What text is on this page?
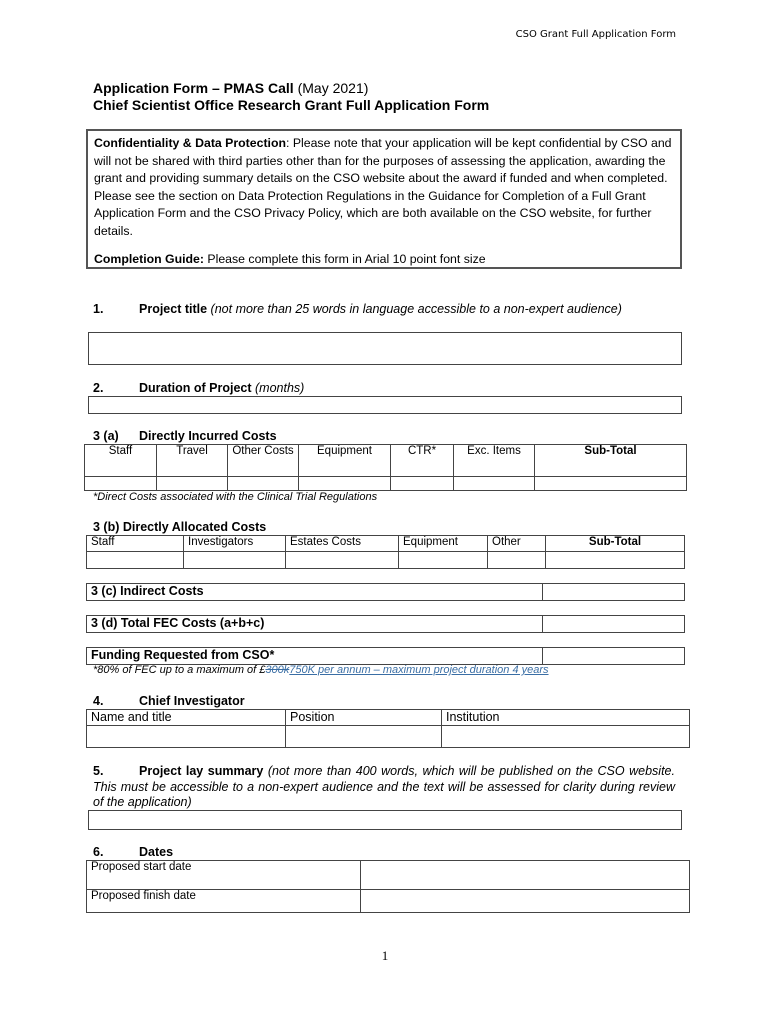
CSO Grant Full Application Form
Application Form – PMAS Call (May 2021)
Chief Scientist Office Research Grant Full Application Form

Confidentiality & Data Protection: Please note that your application will be kept confidential by CSO and will not be shared with third parties other than for the purposes of assessing the application, awarding the grant and providing summary details on the CSO website about the award if funded and when completed. Please see the section on Data Protection Regulations in the Guidance for Completion of a Full Grant Application Form and the CSO Privacy Policy, which are both available on the CSO website, for further details.

Completion Guide: Please complete this form in Arial 10 point font size

1.	Project title (not more than 25 words in language accessible to a non-expert audience)
2.	Duration of Project (months)
3 (a) Directly Incurred Costs
Staff	Travel	Other Costs	Equipment	CTR*	Exc. Items	Sub-Total

*Direct Costs associated with the Clinical Trial Regulations
3 (b) Directly Allocated Costs
Staff	Investigators	Estates Costs	Equipment	Other	Sub-Total

3 (c) Indirect Costs	
3 (d) Total FEC Costs (a+b+c)	
Funding Requested from CSO*	
*80% of FEC up to a maximum of £300k750K per annum – maximum project duration 4 years
4.	Chief Investigator
Name and title	Position	Institution

5.	Project lay summary (not more than 400 words, which will be published on the CSO website. This must be accessible to a non-expert audience and the text will be assessed for clarity during review of the application)
6.	Dates
Proposed start date	
Proposed finish date	
1
